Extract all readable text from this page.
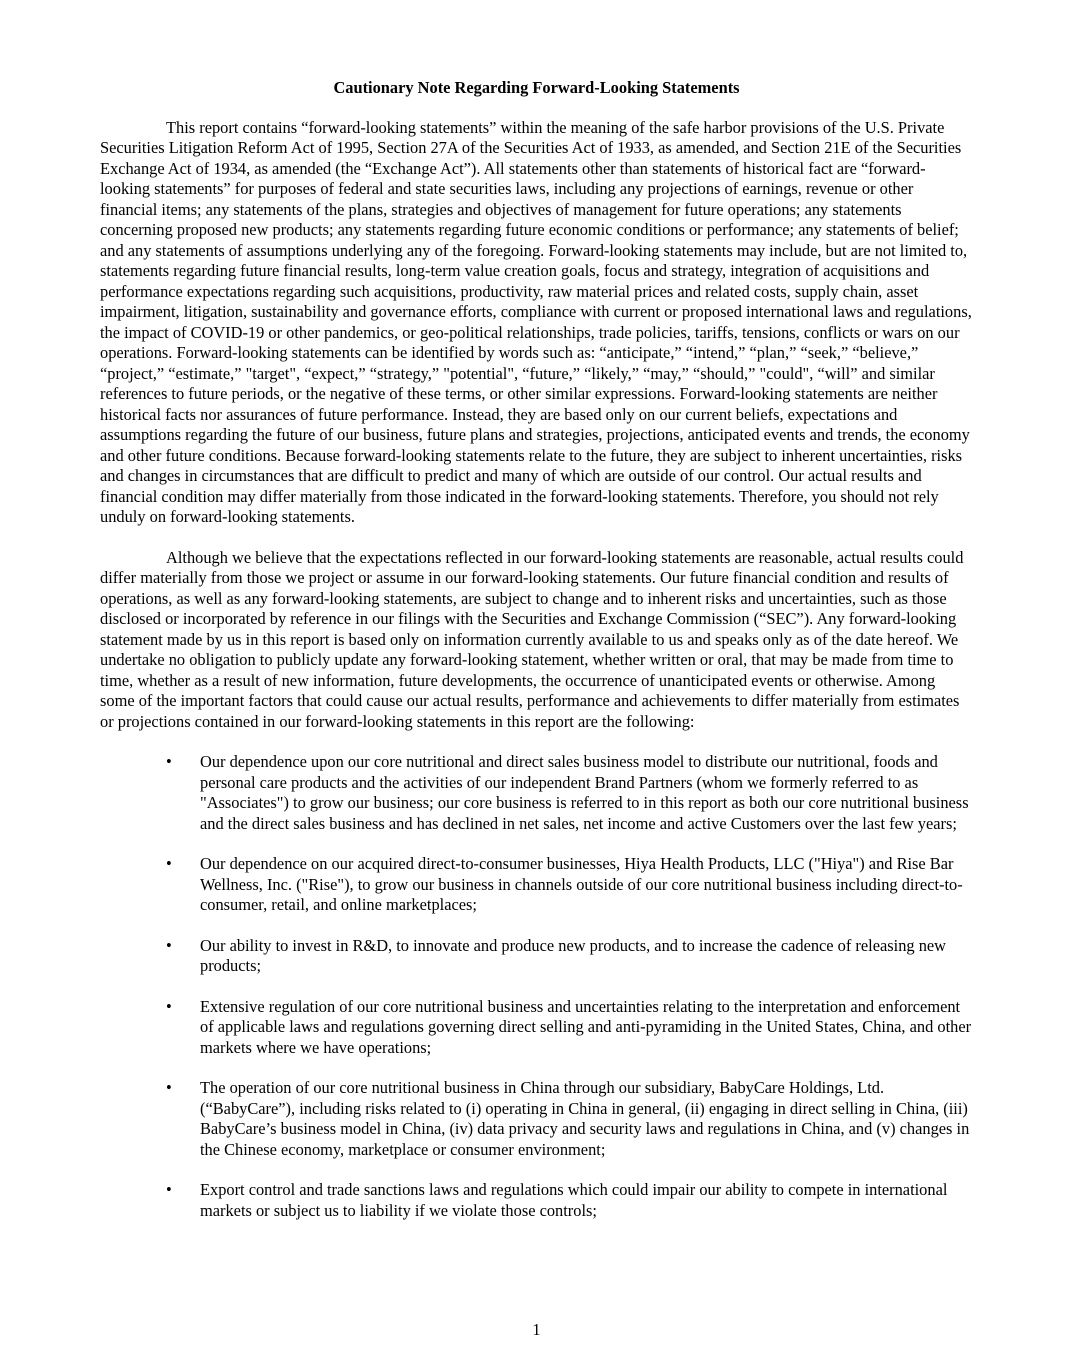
Cautionary Note Regarding Forward-Looking Statements

This report contains “forward-looking statements” within the meaning of the safe harbor provisions of the U.S. Private Securities Litigation Reform Act of 1995, Section 27A of the Securities Act of 1933, as amended, and Section 21E of the Securities Exchange Act of 1934, as amended (the “Exchange Act”). All statements other than statements of historical fact are “forward-looking statements” for purposes of federal and state securities laws, including any projections of earnings, revenue or other financial items; any statements of the plans, strategies and objectives of management for future operations; any statements concerning proposed new products; any statements regarding future economic conditions or performance; any statements of belief; and any statements of assumptions underlying any of the foregoing. Forward-looking statements may include, but are not limited to, statements regarding future financial results, long-term value creation goals, focus and strategy, integration of acquisitions and performance expectations regarding such acquisitions, productivity, raw material prices and related costs, supply chain, asset impairment, litigation, sustainability and governance efforts, compliance with current or proposed international laws and regulations, the impact of COVID-19 or other pandemics, or geo-political relationships, trade policies, tariffs, tensions, conflicts or wars on our operations. Forward-looking statements can be identified by words such as: “anticipate,” “intend,” “plan,” “seek,” “believe,” “project,” “estimate,” "target", “expect,” “strategy,” "potential", “future,” “likely,” “may,” “should,” "could", “will” and similar references to future periods, or the negative of these terms, or other similar expressions. Forward-looking statements are neither historical facts nor assurances of future performance. Instead, they are based only on our current beliefs, expectations and assumptions regarding the future of our business, future plans and strategies, projections, anticipated events and trends, the economy and other future conditions. Because forward-looking statements relate to the future, they are subject to inherent uncertainties, risks and changes in circumstances that are difficult to predict and many of which are outside of our control. Our actual results and financial condition may differ materially from those indicated in the forward-looking statements. Therefore, you should not rely unduly on forward-looking statements.

Although we believe that the expectations reflected in our forward-looking statements are reasonable, actual results could differ materially from those we project or assume in our forward-looking statements. Our future financial condition and results of operations, as well as any forward-looking statements, are subject to change and to inherent risks and uncertainties, such as those disclosed or incorporated by reference in our filings with the Securities and Exchange Commission (“SEC”). Any forward-looking statement made by us in this report is based only on information currently available to us and speaks only as of the date hereof. We undertake no obligation to publicly update any forward-looking statement, whether written or oral, that may be made from time to time, whether as a result of new information, future developments, the occurrence of unanticipated events or otherwise. Among some of the important factors that could cause our actual results, performance and achievements to differ materially from estimates or projections contained in our forward-looking statements in this report are the following:

• Our dependence upon our core nutritional and direct sales business model to distribute our nutritional, foods and personal care products and the activities of our independent Brand Partners (whom we formerly referred to as "Associates") to grow our business; our core business is referred to in this report as both our core nutritional business and the direct sales business and has declined in net sales, net income and active Customers over the last few years;
• Our dependence on our acquired direct-to-consumer businesses, Hiya Health Products, LLC ("Hiya") and Rise Bar Wellness, Inc. ("Rise"), to grow our business in channels outside of our core nutritional business including direct-to-consumer, retail, and online marketplaces;
• Our ability to invest in R&D, to innovate and produce new products, and to increase the cadence of releasing new products;
• Extensive regulation of our core nutritional business and uncertainties relating to the interpretation and enforcement of applicable laws and regulations governing direct selling and anti-pyramiding in the United States, China, and other markets where we have operations;
• The operation of our core nutritional business in China through our subsidiary, BabyCare Holdings, Ltd. (“BabyCare”), including risks related to (i) operating in China in general, (ii) engaging in direct selling in China, (iii) BabyCare’s business model in China, (iv) data privacy and security laws and regulations in China, and (v) changes in the Chinese economy, marketplace or consumer environment;
• Export control and trade sanctions laws and regulations which could impair our ability to compete in international markets or subject us to liability if we violate those controls;
1
